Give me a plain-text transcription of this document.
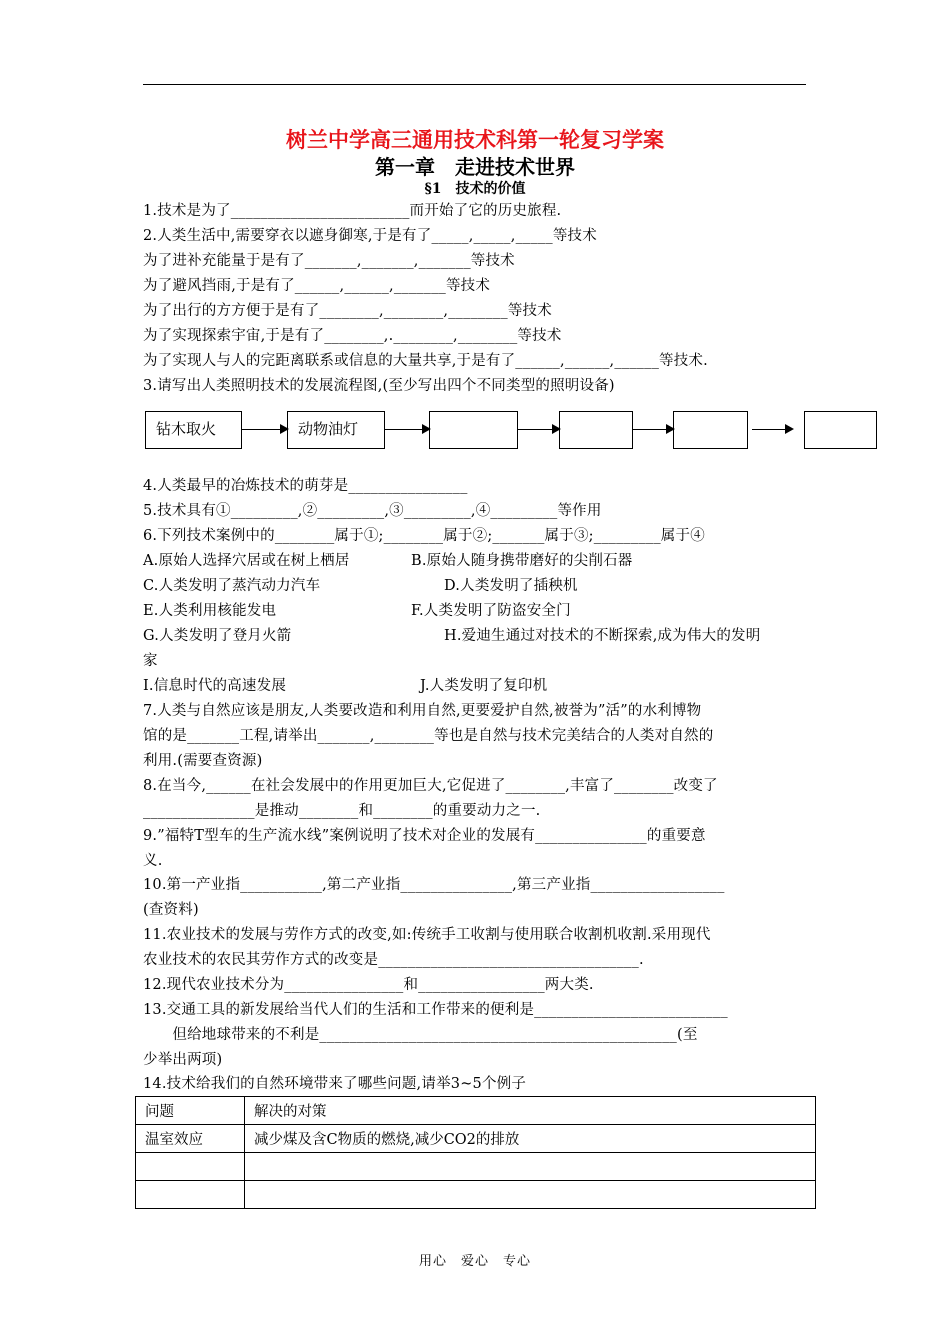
树兰中学高三通用技术科第一轮复习学案
第一章　走进技术世界
§1　技术的价值
1.技术是为了________________________而开始了它的历史旅程.
2.人类生活中,需要穿衣以遮身御寒,于是有了_____,_____,_____等技术
为了进补充能量于是有了_______,_______,_______等技术
为了避风挡雨,于是有了______,______,_______等技术
为了出行的方方便于是有了________,________,________等技术
为了实现探索宇宙,于是有了________,.________,________等技术
为了实现人与人的完距离联系或信息的大量共享,于是有了______,______,______等技术.
3.请写出人类照明技术的发展流程图,(至少写出四个不同类型的照明设备)
钻木取火	动物油灯
4.人类最早的冶炼技术的萌芽是________________
5.技术具有①_________,②_________,③_________,④_________等作用
6.下列技术案例中的________属于①;________属于②;_______属于③;_________属于④
A.原始人选择穴居或在树上栖居	B.原始人随身携带磨好的尖削石器
C.人类发明了蒸汽动力汽车	D.人类发明了插秧机
E.人类利用核能发电	F.人类发明了防盗安全门
G.人类发明了登月火箭	H.爱迪生通过对技术的不断探索,成为伟大的发明
家
I.信息时代的高速发展	J.人类发明了复印机
7.人类与自然应该是朋友,人类要改造和利用自然,更要爱护自然,被誉为”活”的水利博物
馆的是_______工程,请举出_______,________等也是自然与技术完美结合的人类对自然的
利用.(需要查资源)
8.在当今,______在社会发展中的作用更加巨大,它促进了________,丰富了________改变了
_______________是推动________和________的重要动力之一.
9.”福特T型车的生产流水线”案例说明了技术对企业的发展有_______________的重要意
义.
10.第一产业指___________,第二产业指_______________,第三产业指__________________
(查资料)
11.农业技术的发展与劳作方式的改变,如:传统手工收割与使用联合收割机收割.采用现代
农业技术的农民其劳作方式的改变是___________________________________.
12.现代农业技术分为________________和_________________两大类.
13.交通工具的新发展给当代人们的生活和工作带来的便利是__________________________
　　但给地球带来的不利是________________________________________________(至
少举出两项)
14.技术给我们的自然环境带来了哪些问题,请举3~5个例子
问题	解决的对策
温室效应	减少煤及含C物质的燃烧,减少CO2的排放

用心　爱心　专心
